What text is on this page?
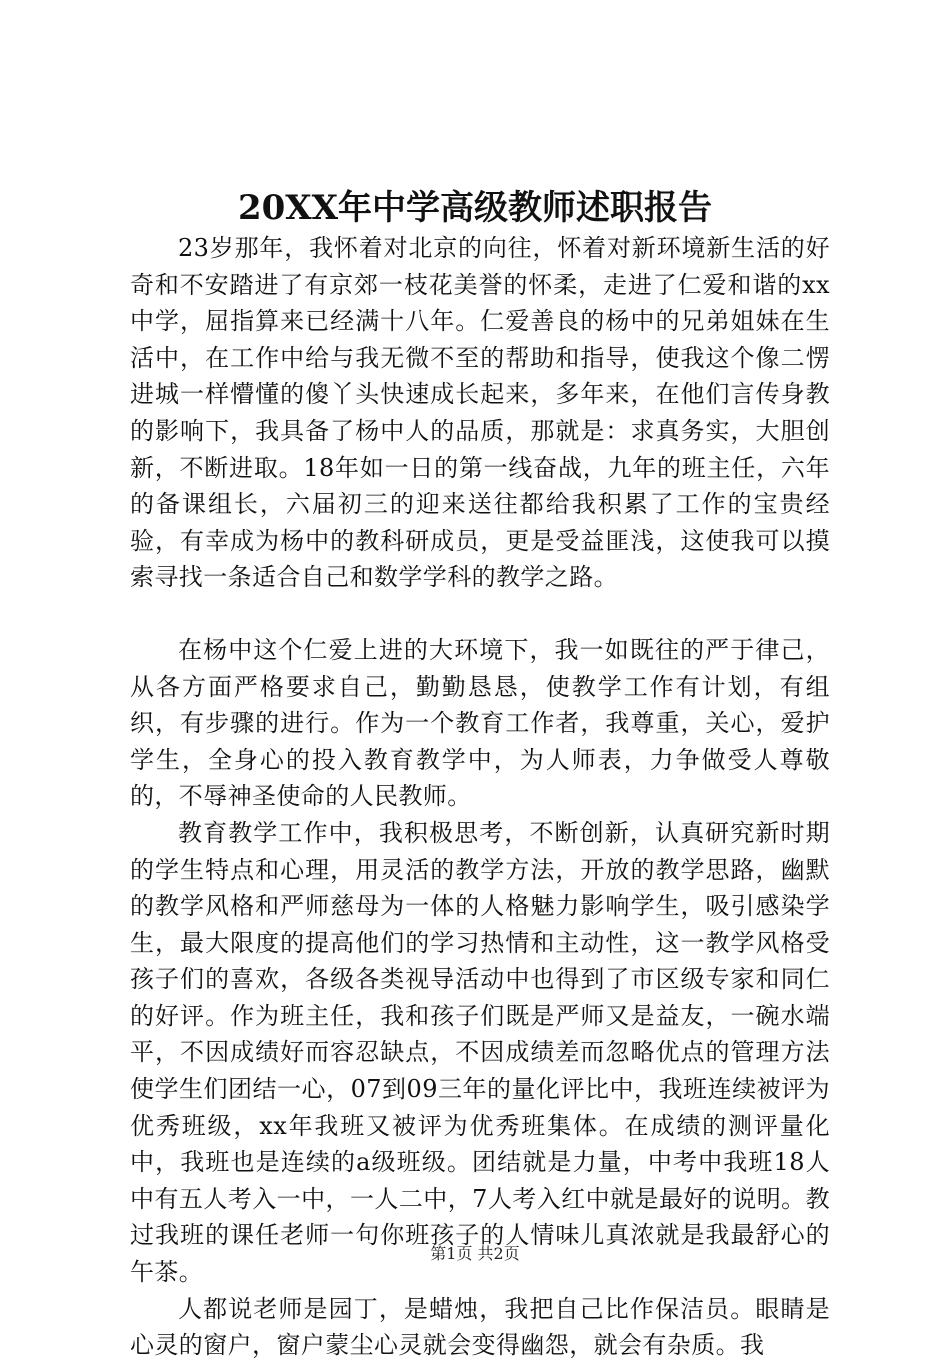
20XX年中学高级教师述职报告

23岁那年，我怀着对北京的向往，怀着对新环境新生活的好奇和不安踏进了有京郊一枝花美誉的怀柔，走进了仁爱和谐的xx中学，屈指算来已经满十八年。仁爱善良的杨中的兄弟姐妹在生活中，在工作中给与我无微不至的帮助和指导，使我这个像二愣进城一样懵懂的傻丫头快速成长起来，多年来，在他们言传身教的影响下，我具备了杨中人的品质，那就是：求真务实，大胆创新，不断进取。18年如一日的第一线奋战，九年的班主任，六年的备课组长，六届初三的迎来送往都给我积累了工作的宝贵经验，有幸成为杨中的教科研成员，更是受益匪浅，这使我可以摸索寻找一条适合自己和数学学科的教学之路。

在杨中这个仁爱上进的大环境下，我一如既往的严于律己，从各方面严格要求自己，勤勤恳恳，使教学工作有计划，有组织，有步骤的进行。作为一个教育工作者，我尊重，关心，爱护学生，全身心的投入教育教学中，为人师表，力争做受人尊敬的，不辱神圣使命的人民教师。

教育教学工作中，我积极思考，不断创新，认真研究新时期的学生特点和心理，用灵活的教学方法，开放的教学思路，幽默的教学风格和严师慈母为一体的人格魅力影响学生，吸引感染学生，最大限度的提高他们的学习热情和主动性，这一教学风格受孩子们的喜欢，各级各类视导活动中也得到了市区级专家和同仁的好评。作为班主任，我和孩子们既是严师又是益友，一碗水端平，不因成绩好而容忍缺点，不因成绩差而忽略优点的管理方法使学生们团结一心，07到09三年的量化评比中，我班连续被评为优秀班级，xx年我班又被评为优秀班集体。在成绩的测评量化中，我班也是连续的a级班级。团结就是力量，中考中我班18人中有五人考入一中，一人二中，7人考入红中就是最好的说明。教过我班的课任老师一句你班孩子的人情味儿真浓就是我最舒心的午茶。

人都说老师是园丁，是蜡烛，我把自己比作保洁员。眼睛是心灵的窗户，窗户蒙尘心灵就会变得幽怨，就会有杂质。我

第1页 共2页
